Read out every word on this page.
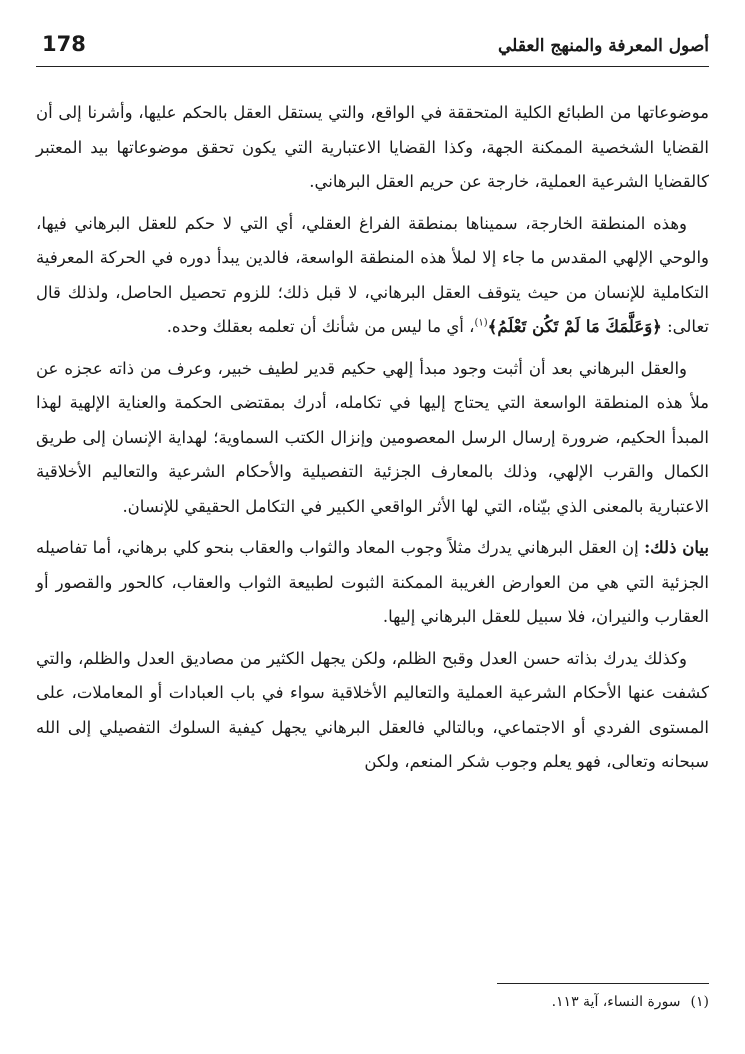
178	أصول المعرفة والمنهج العقلي

موضوعاتها من الطبائع الكلية المتحققة في الواقع، والتي يستقل العقل بالحكم عليها، وأشرنا إلى أن القضايا الشخصية الممكنة الجهة، وكذا القضايا الاعتبارية التي يكون تحقق موضوعاتها بيد المعتبر كالقضايا الشرعية العملية، خارجة عن حريم العقل البرهاني.

وهذه المنطقة الخارجة، سميناها بمنطقة الفراغ العقلي، أي التي لا حكم للعقل البرهاني فيها، والوحي الإلهي المقدس ما جاء إلا لملأ هذه المنطقة الواسعة، فالدين يبدأ دوره في الحركة المعرفية التكاملية للإنسان من حيث يتوقف العقل البرهاني، لا قبل ذلك؛ للزوم تحصيل الحاصل، ولذلك قال تعالى: ﴿وَعَلَّمَكَ مَا لَمْ تَكُن تَعْلَمُ﴾$^{(١)}$، أي ما ليس من شأنك أن تعلمه بعقلك وحده.

والعقل البرهاني بعد أن أثبت وجود مبدأ إلهي حكيم قدير لطيف خبير، وعرف من ذاته عجزه عن ملأ هذه المنطقة الواسعة التي يحتاج إليها في تكامله، أدرك بمقتضى الحكمة والعناية الإلهية لهذا المبدأ الحكيم، ضرورة إرسال الرسل المعصومين وإنزال الكتب السماوية؛ لهداية الإنسان إلى طريق الكمال والقرب الإلهي، وذلك بالمعارف الجزئية التفصيلية والأحكام الشرعية والتعاليم الأخلاقية الاعتبارية بالمعنى الذي بيّناه، التي لها الأثر الواقعي الكبير في التكامل الحقيقي للإنسان.

بيان ذلك: إن العقل البرهاني يدرك مثلاً وجوب المعاد والثواب والعقاب بنحو كلي برهاني، أما تفاصيله الجزئية التي هي من العوارض الغريبة الممكنة الثبوت لطبيعة الثواب والعقاب، كالحور والقصور أو العقارب والنيران، فلا سبيل للعقل البرهاني إليها.

وكذلك يدرك بذاته حسن العدل وقبح الظلم، ولكن يجهل الكثير من مصاديق العدل والظلم، والتي كشفت عنها الأحكام الشرعية العملية والتعاليم الأخلاقية سواء في باب العبادات أو المعاملات، على المستوى الفردي أو الاجتماعي، وبالتالي فالعقل البرهاني يجهل كيفية السلوك التفصيلي إلى الله سبحانه وتعالى، فهو يعلم وجوب شكر المنعم، ولكن

(١)سورة النساء، آية ١١٣.
